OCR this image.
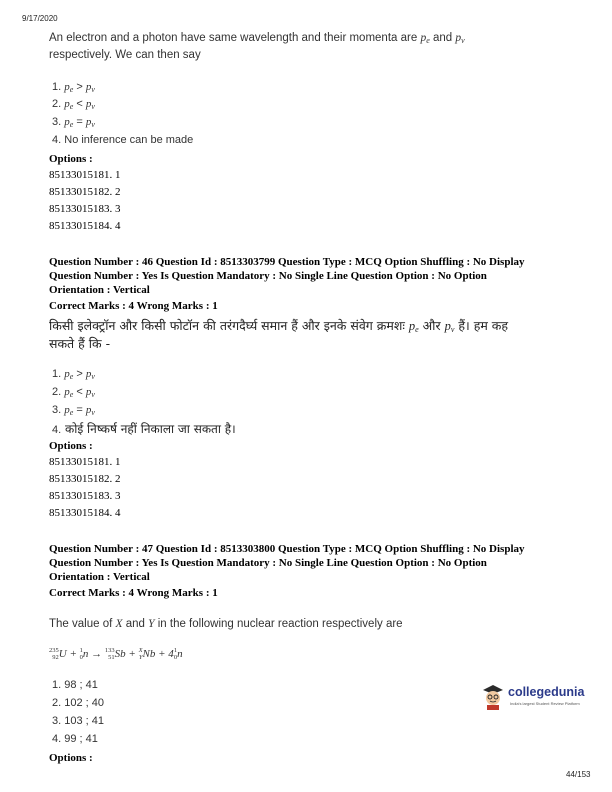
9/17/2020
An electron and a photon have same wavelength and their momenta are $p_e$ and $p_v$
respectively. We can then say
1. $p_e > p_v$
2. $p_e < p_v$
3. $p_e = p_v$
4. No inference can be made
Options :
85133015181. 1
85133015182. 2
85133015183. 3
85133015184. 4
Question Number : 46 Question Id : 8513303799 Question Type : MCQ Option Shuffling : No Display
Question Number : Yes Is Question Mandatory : No Single Line Question Option : No Option
Orientation : Vertical
Correct Marks : 4 Wrong Marks : 1
किसी इलेक्ट्रॉन और किसी फोटॉन की तरंगदैर्घ्य समान हैं और इनके संवेग क्रमशः $p_e$ और $p_v$ हैं। हम कह
सकते हैं कि -
1. $p_e > p_v$
2. $p_e < p_v$
3. $p_e = p_v$
4. कोई निष्कर्ष नहीं निकाला जा सकता है।
Options :
85133015181. 1
85133015182. 2
85133015183. 3
85133015184. 4
Question Number : 47 Question Id : 8513303800 Question Type : MCQ Option Shuffling : No Display
Question Number : Yes Is Question Mandatory : No Single Line Question Option : No Option
Orientation : Vertical
Correct Marks : 4 Wrong Marks : 1
The value of X and Y in the following nuclear reaction respectively are
235
92U + 1
0n → 133
51Sb + X
YNb + 41
0n
1. 98 ; 41
2. 102 ; 40
3. 103 ; 41
4. 99 ; 41
Options :
collegedunia
India's largest Student Review Platform
44/153
